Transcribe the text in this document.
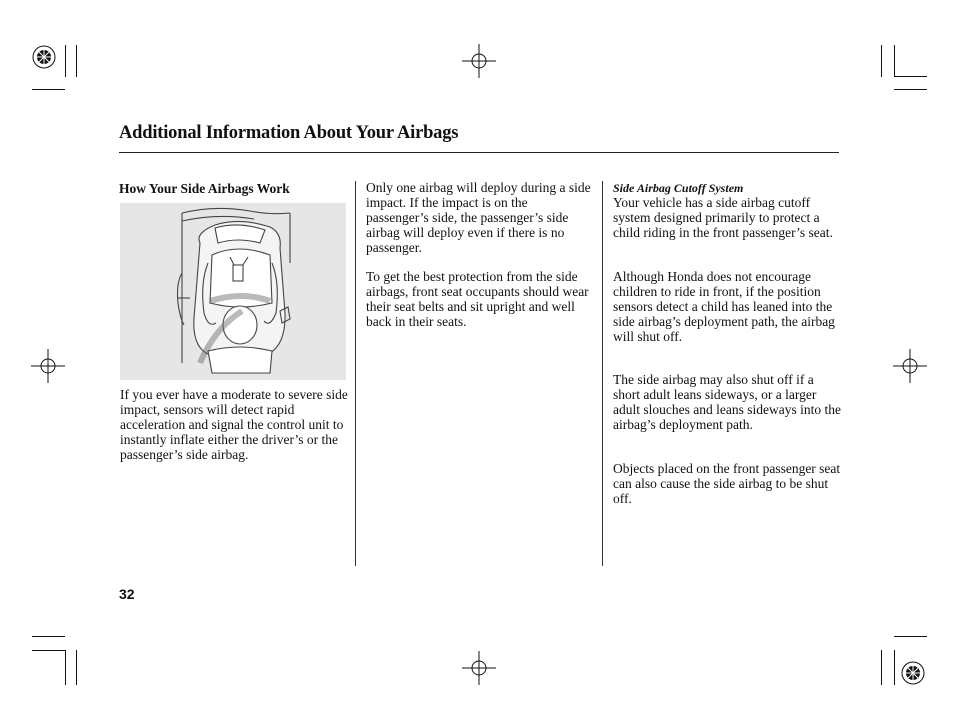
Additional Information About Your Airbags
How Your Side Airbags Work
If you ever have a moderate to severe side impact, sensors will detect rapid acceleration and signal the control unit to instantly inflate either the driver’s or the passenger’s side airbag.
Only one airbag will deploy during a side impact. If the impact is on the passenger’s side, the passenger’s side airbag will deploy even if there is no passenger.
To get the best protection from the side airbags, front seat occupants should wear their seat belts and sit upright and well back in their seats.
Side Airbag Cutoff System
Your vehicle has a side airbag cutoff system designed primarily to protect a child riding in the front passenger’s seat.
Although Honda does not encourage children to ride in front, if the position sensors detect a child has leaned into the side airbag’s deployment path, the airbag will shut off.
The side airbag may also shut off if a short adult leans sideways, or a larger adult slouches and leans sideways into the airbag’s deployment path.
Objects placed on the front passenger seat can also cause the side airbag to be shut off.
32
